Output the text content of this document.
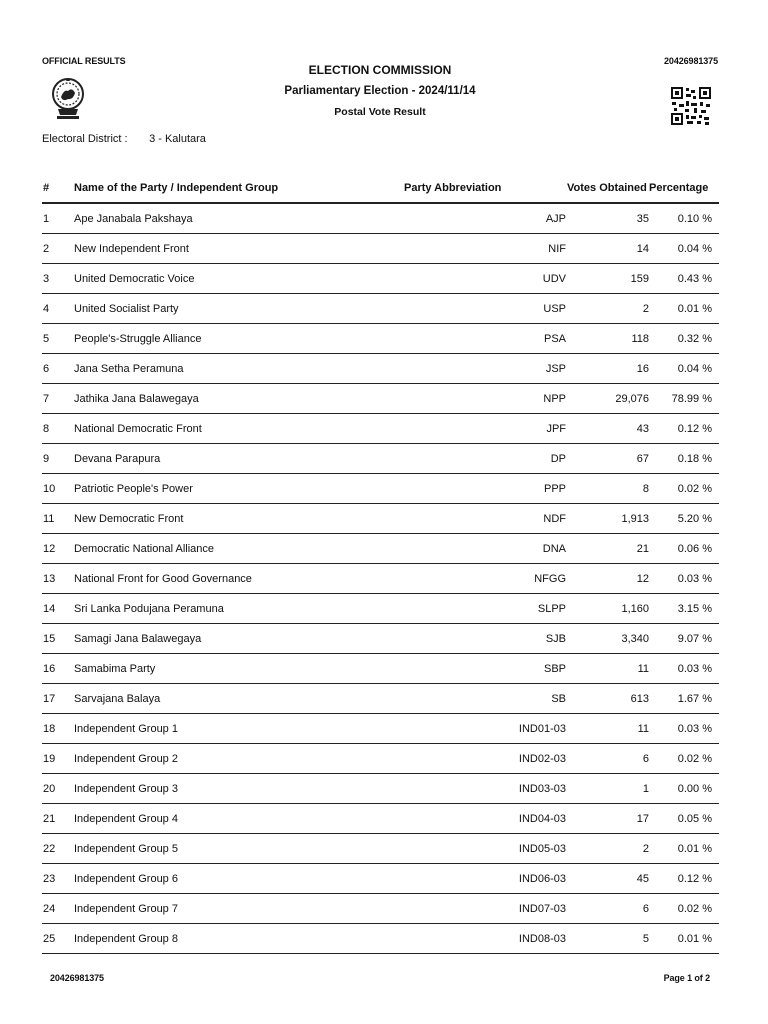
OFFICIAL RESULTS	20426981375
ELECTION COMMISSION
Parliamentary Election - 2024/11/14
Postal Vote Result
Electoral District : 3 - Kalutara
#	Name of the Party / Independent Group	Party Abbreviation	Votes Obtained	Percentage
1	Ape Janabala Pakshaya	AJP	35	0.10 %
2	New Independent Front	NIF	14	0.04 %
3	United Democratic Voice	UDV	159	0.43 %
4	United Socialist Party	USP	2	0.01 %
5	People's-Struggle Alliance	PSA	118	0.32 %
6	Jana Setha Peramuna	JSP	16	0.04 %
7	Jathika Jana Balawegaya	NPP	29,076	78.99 %
8	National Democratic Front	JPF	43	0.12 %
9	Devana Parapura	DP	67	0.18 %
10	Patriotic People's Power	PPP	8	0.02 %
11	New Democratic Front	NDF	1,913	5.20 %
12	Democratic National Alliance	DNA	21	0.06 %
13	National Front for Good Governance	NFGG	12	0.03 %
14	Sri Lanka Podujana Peramuna	SLPP	1,160	3.15 %
15	Samagi Jana Balawegaya	SJB	3,340	9.07 %
16	Samabima Party	SBP	11	0.03 %
17	Sarvajana Balaya	SB	613	1.67 %
18	Independent Group 1	IND01-03	11	0.03 %
19	Independent Group 2	IND02-03	6	0.02 %
20	Independent Group 3	IND03-03	1	0.00 %
21	Independent Group 4	IND04-03	17	0.05 %
22	Independent Group 5	IND05-03	2	0.01 %
23	Independent Group 6	IND06-03	45	0.12 %
24	Independent Group 7	IND07-03	6	0.02 %
25	Independent Group 8	IND08-03	5	0.01 %
20426981375	Page 1 of 2
